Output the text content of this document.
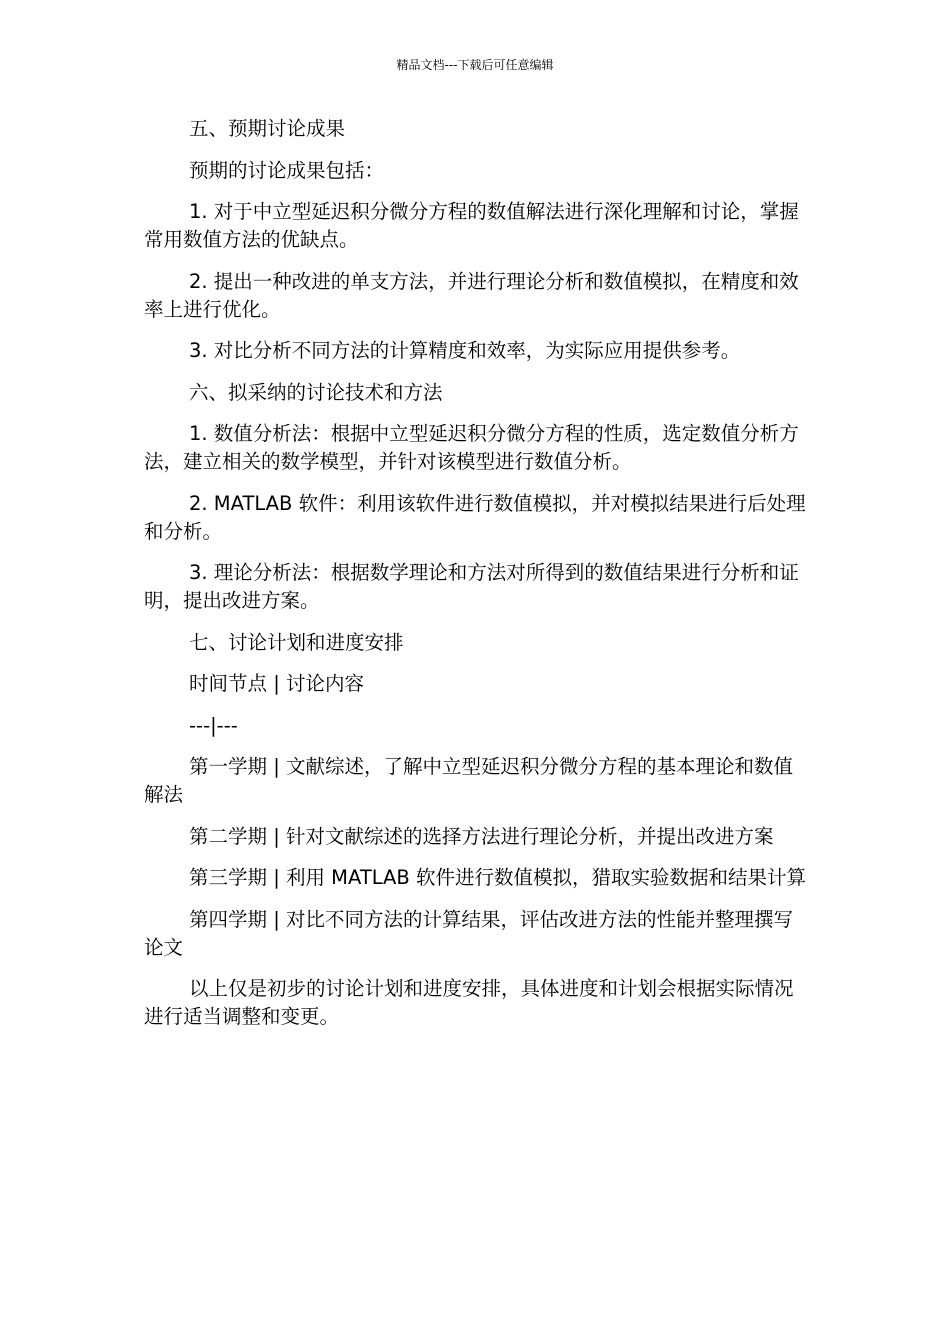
精品文档---下载后可任意编辑

五、预期讨论成果

预期的讨论成果包括：

1. 对于中立型延迟积分微分方程的数值解法进行深化理解和讨论，掌握常用数值方法的优缺点。

2. 提出一种改进的单支方法，并进行理论分析和数值模拟，在精度和效率上进行优化。

3. 对比分析不同方法的计算精度和效率，为实际应用提供参考。

六、拟采纳的讨论技术和方法

1. 数值分析法：根据中立型延迟积分微分方程的性质，选定数值分析方法，建立相关的数学模型，并针对该模型进行数值分析。

2. MATLAB 软件：利用该软件进行数值模拟，并对模拟结果进行后处理和分析。

3. 理论分析法：根据数学理论和方法对所得到的数值结果进行分析和证明，提出改进方案。

七、讨论计划和进度安排

时间节点 | 讨论内容

---|---

第一学期 | 文献综述，了解中立型延迟积分微分方程的基本理论和数值解法

第二学期 | 针对文献综述的选择方法进行理论分析，并提出改进方案

第三学期 | 利用 MATLAB 软件进行数值模拟，猎取实验数据和结果计算

第四学期 | 对比不同方法的计算结果，评估改进方法的性能并整理撰写论文

以上仅是初步的讨论计划和进度安排，具体进度和计划会根据实际情况进行适当调整和变更。
